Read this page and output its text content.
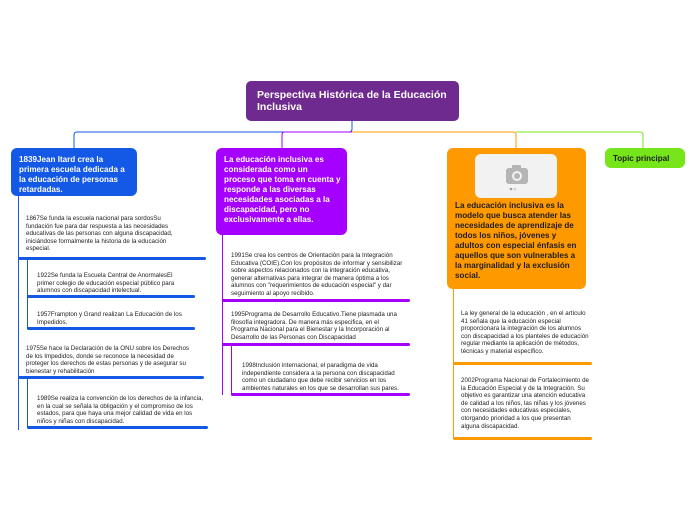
Perspectiva Histórica de la Educación Inclusiva
1839Jean Itard crea la primera escuela dedicada a la educación de personas retardadas.
1867Se funda la escuela nacional para sordosSu fundación fue para dar respuesta a las necesidades educativas de las personas con alguna discapacidad, iniciándose formalmente la historia de la educación especial.
1922Se funda la Escuela Central de AnormalesEl primer colegio de educación especial público para alumnos con discapacidad intelectual.
1957Frampton y Grand realizan La Educación de los Impedidos.
1975Se hace la Declaración de la ONU sobre los Derechos de los Impedidos, donde se reconoce la necesidad de proteger los derechos de estas personas y de asegurar su bienestar y rehabilitación
1989Se realiza la convención de los derechos de la infancia, en la cual se señala la obligación y el compromiso de los estados, para que haya una mejor calidad de vida en los niños y niñas con discapacidad.
La educación inclusiva es considerada como un proceso que toma en cuenta y responde a las diversas necesidades asociadas a la discapacidad, pero no exclusivamente a ellas.
1991Se crea los centros de Orientación para la Integración Educativa (COIE).Con los propósitos de informar y sensibilizar sobre aspectos relacionados con la integración educativa, generar alternativas para integrar de manera óptima a los alumnos con "requerimientos de educación especial" y dar seguimiento al apoyo recibido.
1995Programa de Desarrollo Educativo.Tiene plasmada una filosofía integradora. De manera más especifica, en el Programa Nacional para el Bienestar y la Incorporación al Desarrollo de las Personas con Discapacidad
1998Inclusión internacional, el paradigma de vida independiente considera a la persona con discapacidad como un ciudadano que debe recibir servicios en los ambientes naturales en los que se desarrollan sus pares.
La educación inclusiva es la modelo que busca atender las necesidades de aprendizaje de todos los niños, jóvenes y adultos con especial énfasis en aquellos que son vulnerables a la marginalidad y la exclusión social.
La ley general de la educación , en el artículo 41 señala que la educación especial proporcionara la integración de los alumnos con discapacidad a los planteles de educación regular mediante la aplicación de métodos, técnicas y material específico.
2002Programa Nacional de Fortalecimiento de la Educación Especial y de la Integración. Su objetivo es garantizar una atención educativa de calidad a los niños, las niñas y los jóvenes con necesidades educativas especiales, otorgando prioridad a los que presentan alguna discapacidad.
Topic principal
